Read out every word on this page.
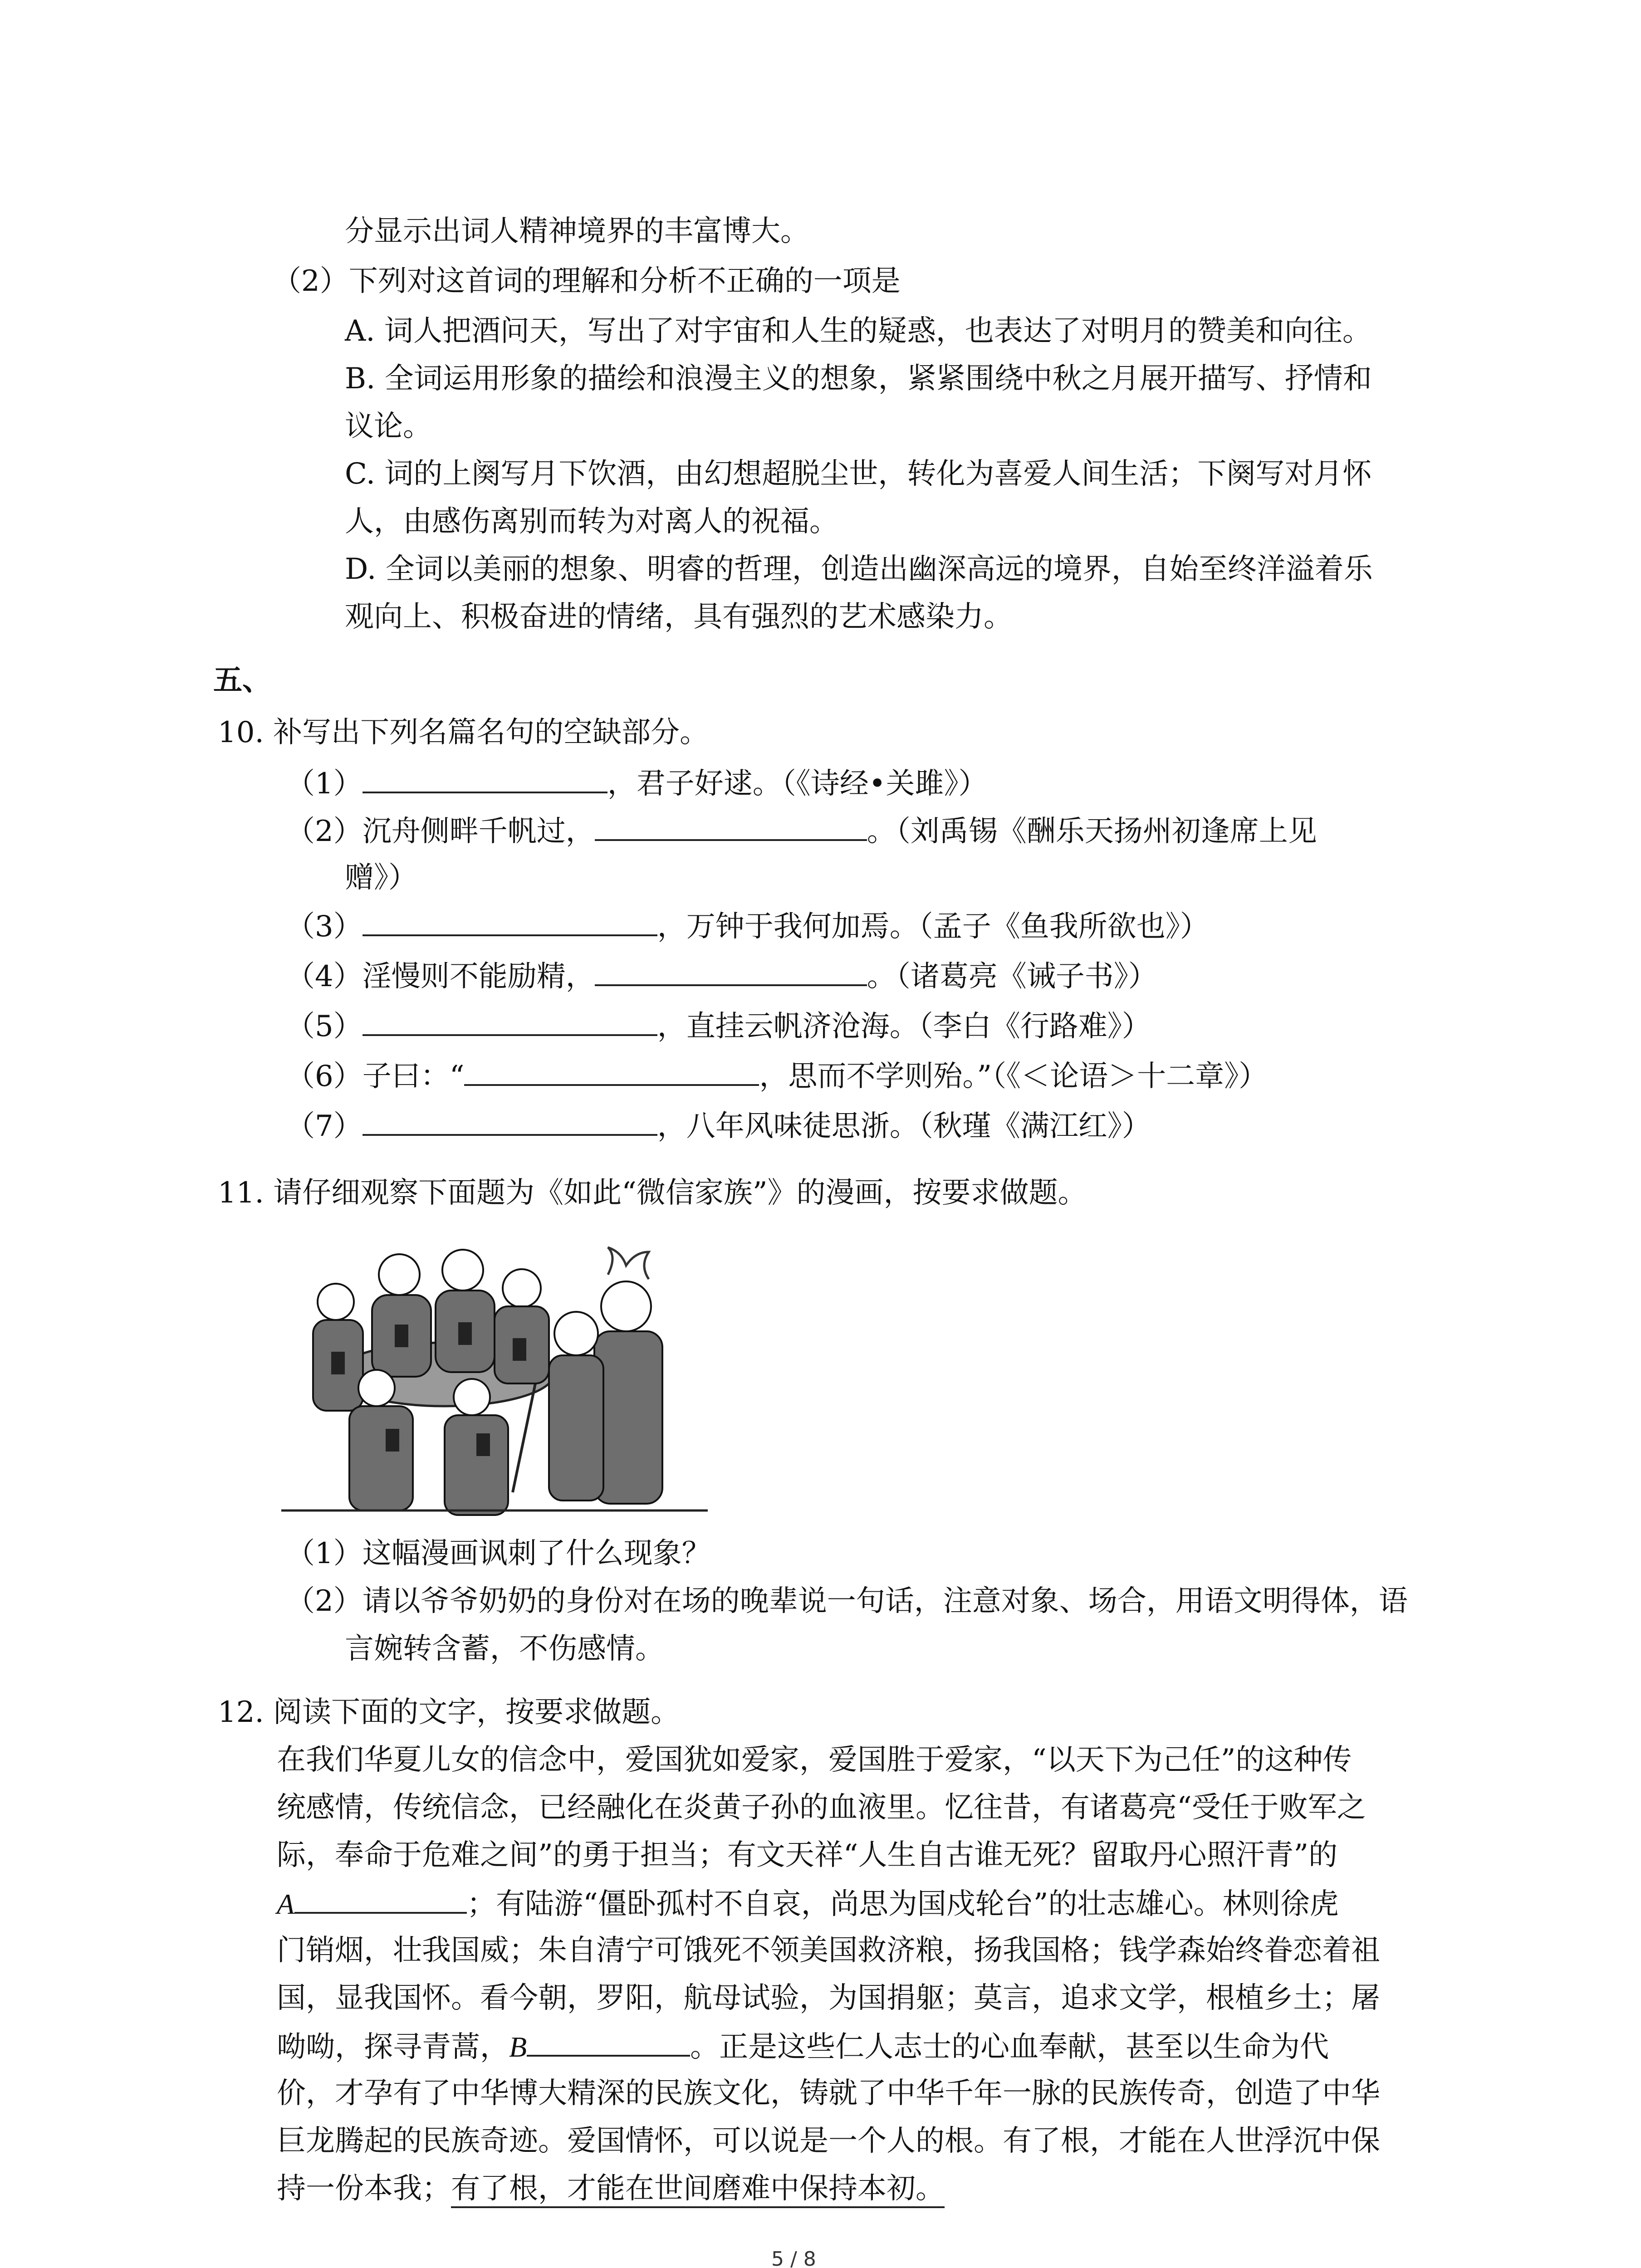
分显示出词人精神境界的丰富博大。
（2）下列对这首词的理解和分析不正确的一项是
A. 词人把酒问天，写出了对宇宙和人生的疑惑，也表达了对明月的赞美和向往。
B. 全词运用形象的描绘和浪漫主义的想象，紧紧围绕中秋之月展开描写、抒情和
议论。
C. 词的上阕写月下饮酒，由幻想超脱尘世，转化为喜爱人间生活；下阕写对月怀
人，由感伤离别而转为对离人的祝福。
D. 全词以美丽的想象、明睿的哲理，创造出幽深高远的境界，自始至终洋溢着乐
观向上、积极奋进的情绪，具有强烈的艺术感染力。
五、
10. 补写出下列名篇名句的空缺部分。
（1）	，君子好逑。（《诗经•关雎》）
（2）沉舟侧畔千帆过，	。（刘禹锡《酬乐天扬州初逢席上见
赠》）
（3）	，万钟于我何加焉。（孟子《鱼我所欲也》）
（4）淫慢则不能励精，	。（诸葛亮《诫子书》）
（5）	，直挂云帆济沧海。（李白《行路难》）
（6）子曰：“	，思而不学则殆。”（《＜论语＞十二章》）
（7）	，八年风味徒思浙。（秋瑾《满江红》）
11. 请仔细观察下面题为《如此“微信家族”》的漫画，按要求做题。
（1）这幅漫画讽刺了什么现象？
（2）请以爷爷奶奶的身份对在场的晚辈说一句话，注意对象、场合，用语文明得体，语
言婉转含蓄，不伤感情。
12. 阅读下面的文字，按要求做题。
在我们华夏儿女的信念中，爱国犹如爱家，爱国胜于爱家，“以天下为己任”的这种传
统感情，传统信念，已经融化在炎黄子孙的血液里。忆往昔，有诸葛亮“受任于败军之
际，奉命于危难之间”的勇于担当；有文天祥“人生自古谁无死？留取丹心照汗青”的
A	；有陆游“僵卧孤村不自哀，尚思为国戍轮台”的壮志雄心。林则徐虎
门销烟，壮我国威；朱自清宁可饿死不领美国救济粮，扬我国格；钱学森始终眷恋着祖
国，显我国怀。看今朝，罗阳，航母试验，为国捐躯；莫言，追求文学，根植乡土；屠
呦呦，探寻青蒿，B	。正是这些仁人志士的心血奉献，甚至以生命为代
价，才孕有了中华博大精深的民族文化，铸就了中华千年一脉的民族传奇，创造了中华
巨龙腾起的民族奇迹。爱国情怀，可以说是一个人的根。有了根，才能在人世浮沉中保
持一份本我；有了根，才能在世间磨难中保持本初。
5 / 8
